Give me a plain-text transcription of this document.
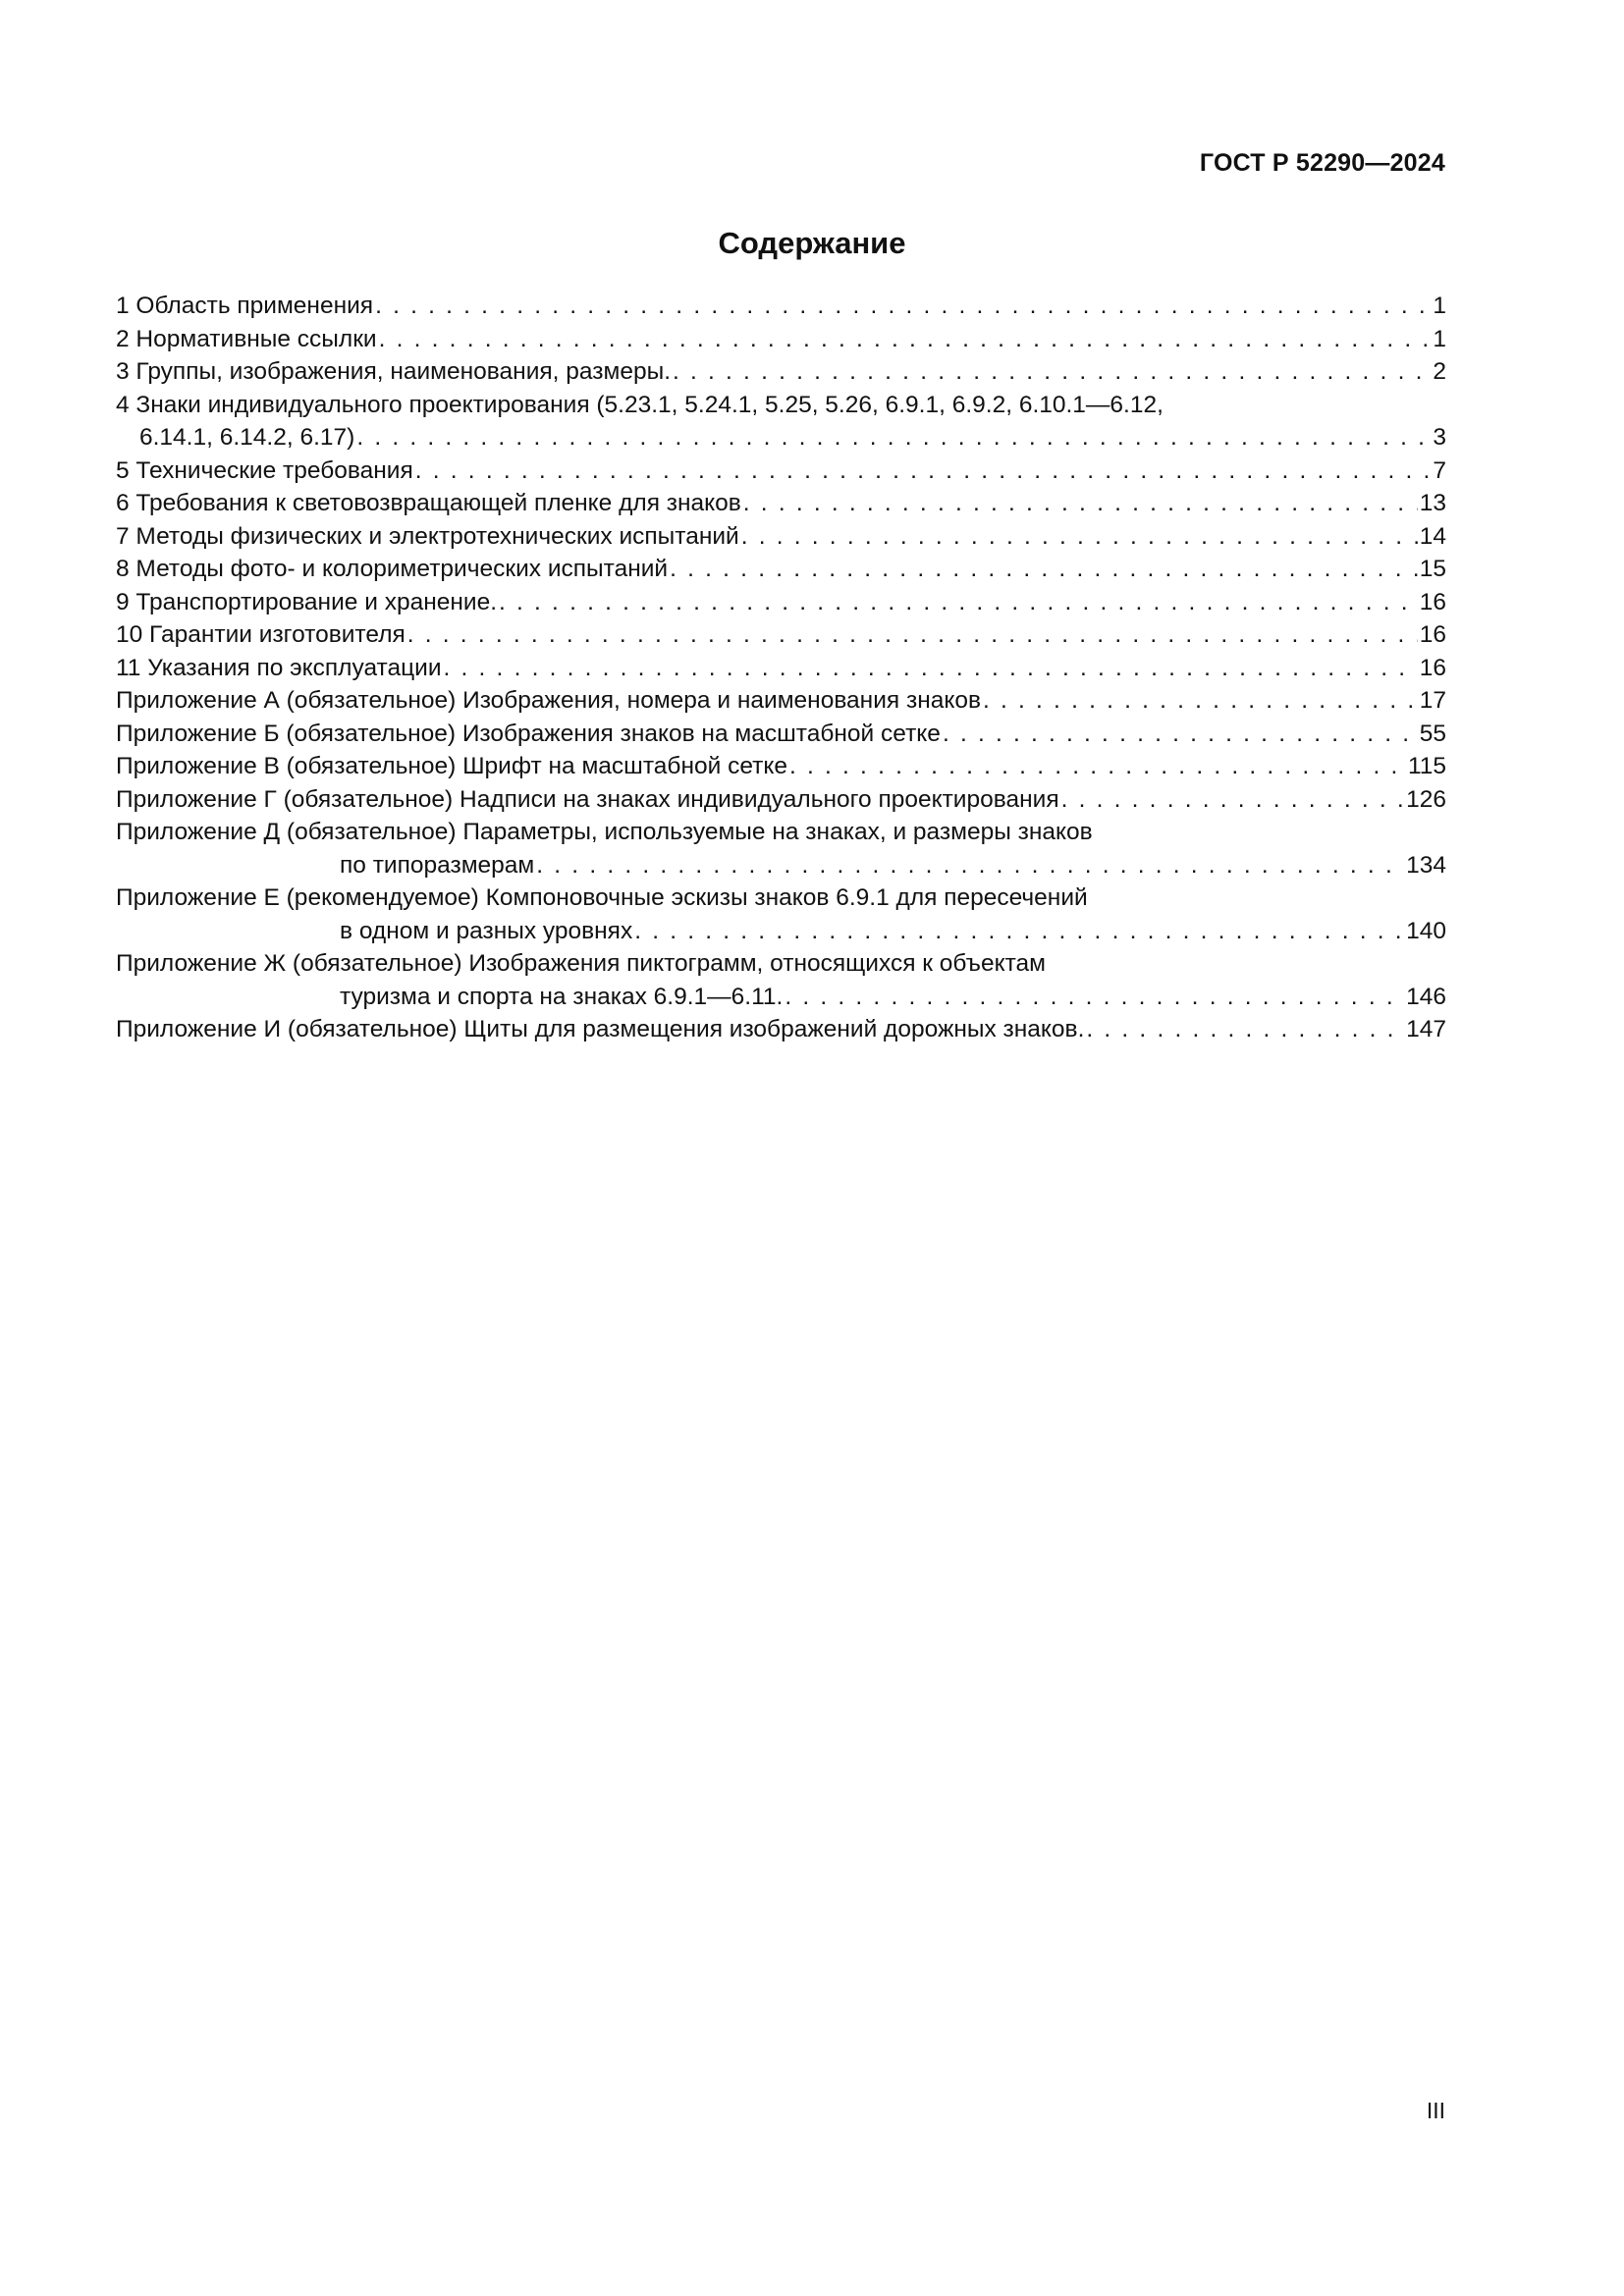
ГОСТ Р 52290—2024
Содержание
1 Область применения . . .	1
2 Нормативные ссылки . . .	1
3 Группы, изображения, наименования, размеры. . . .	2
4 Знаки индивидуального проектирования (5.23.1, 5.24.1, 5.25, 5.26, 6.9.1, 6.9.2, 6.10.1—6.12,
6.14.1, 6.14.2, 6.17) . . .	3
5 Технические требования . . .	7
6 Требования к световозвращающей пленке для знаков . . .	13
7 Методы физических и электротехнических испытаний . . .	14
8 Методы фото- и колориметрических испытаний . . .	15
9 Транспортирование и хранение. . . .	16
10 Гарантии изготовителя . . .	16
11 Указания по эксплуатации . . .	16
Приложение А (обязательное) Изображения, номера и наименования знаков . . .	17
Приложение Б (обязательное) Изображения знаков на масштабной сетке . . .	55
Приложение В (обязательное) Шрифт на масштабной сетке . . .	115
Приложение Г (обязательное) Надписи на знаках индивидуального проектирования . . .	126
Приложение Д (обязательное) Параметры, используемые на знаках, и размеры знаков
по типоразмерам . . .	134
Приложение Е (рекомендуемое) Компоновочные эскизы знаков 6.9.1 для пересечений
в одном и разных уровнях . . .	140
Приложение Ж (обязательное) Изображения пиктограмм, относящихся к объектам
туризма и спорта на знаках 6.9.1—6.11. . . .	146
Приложение И (обязательное) Щиты для размещения изображений дорожных знаков. . . .	147
III
